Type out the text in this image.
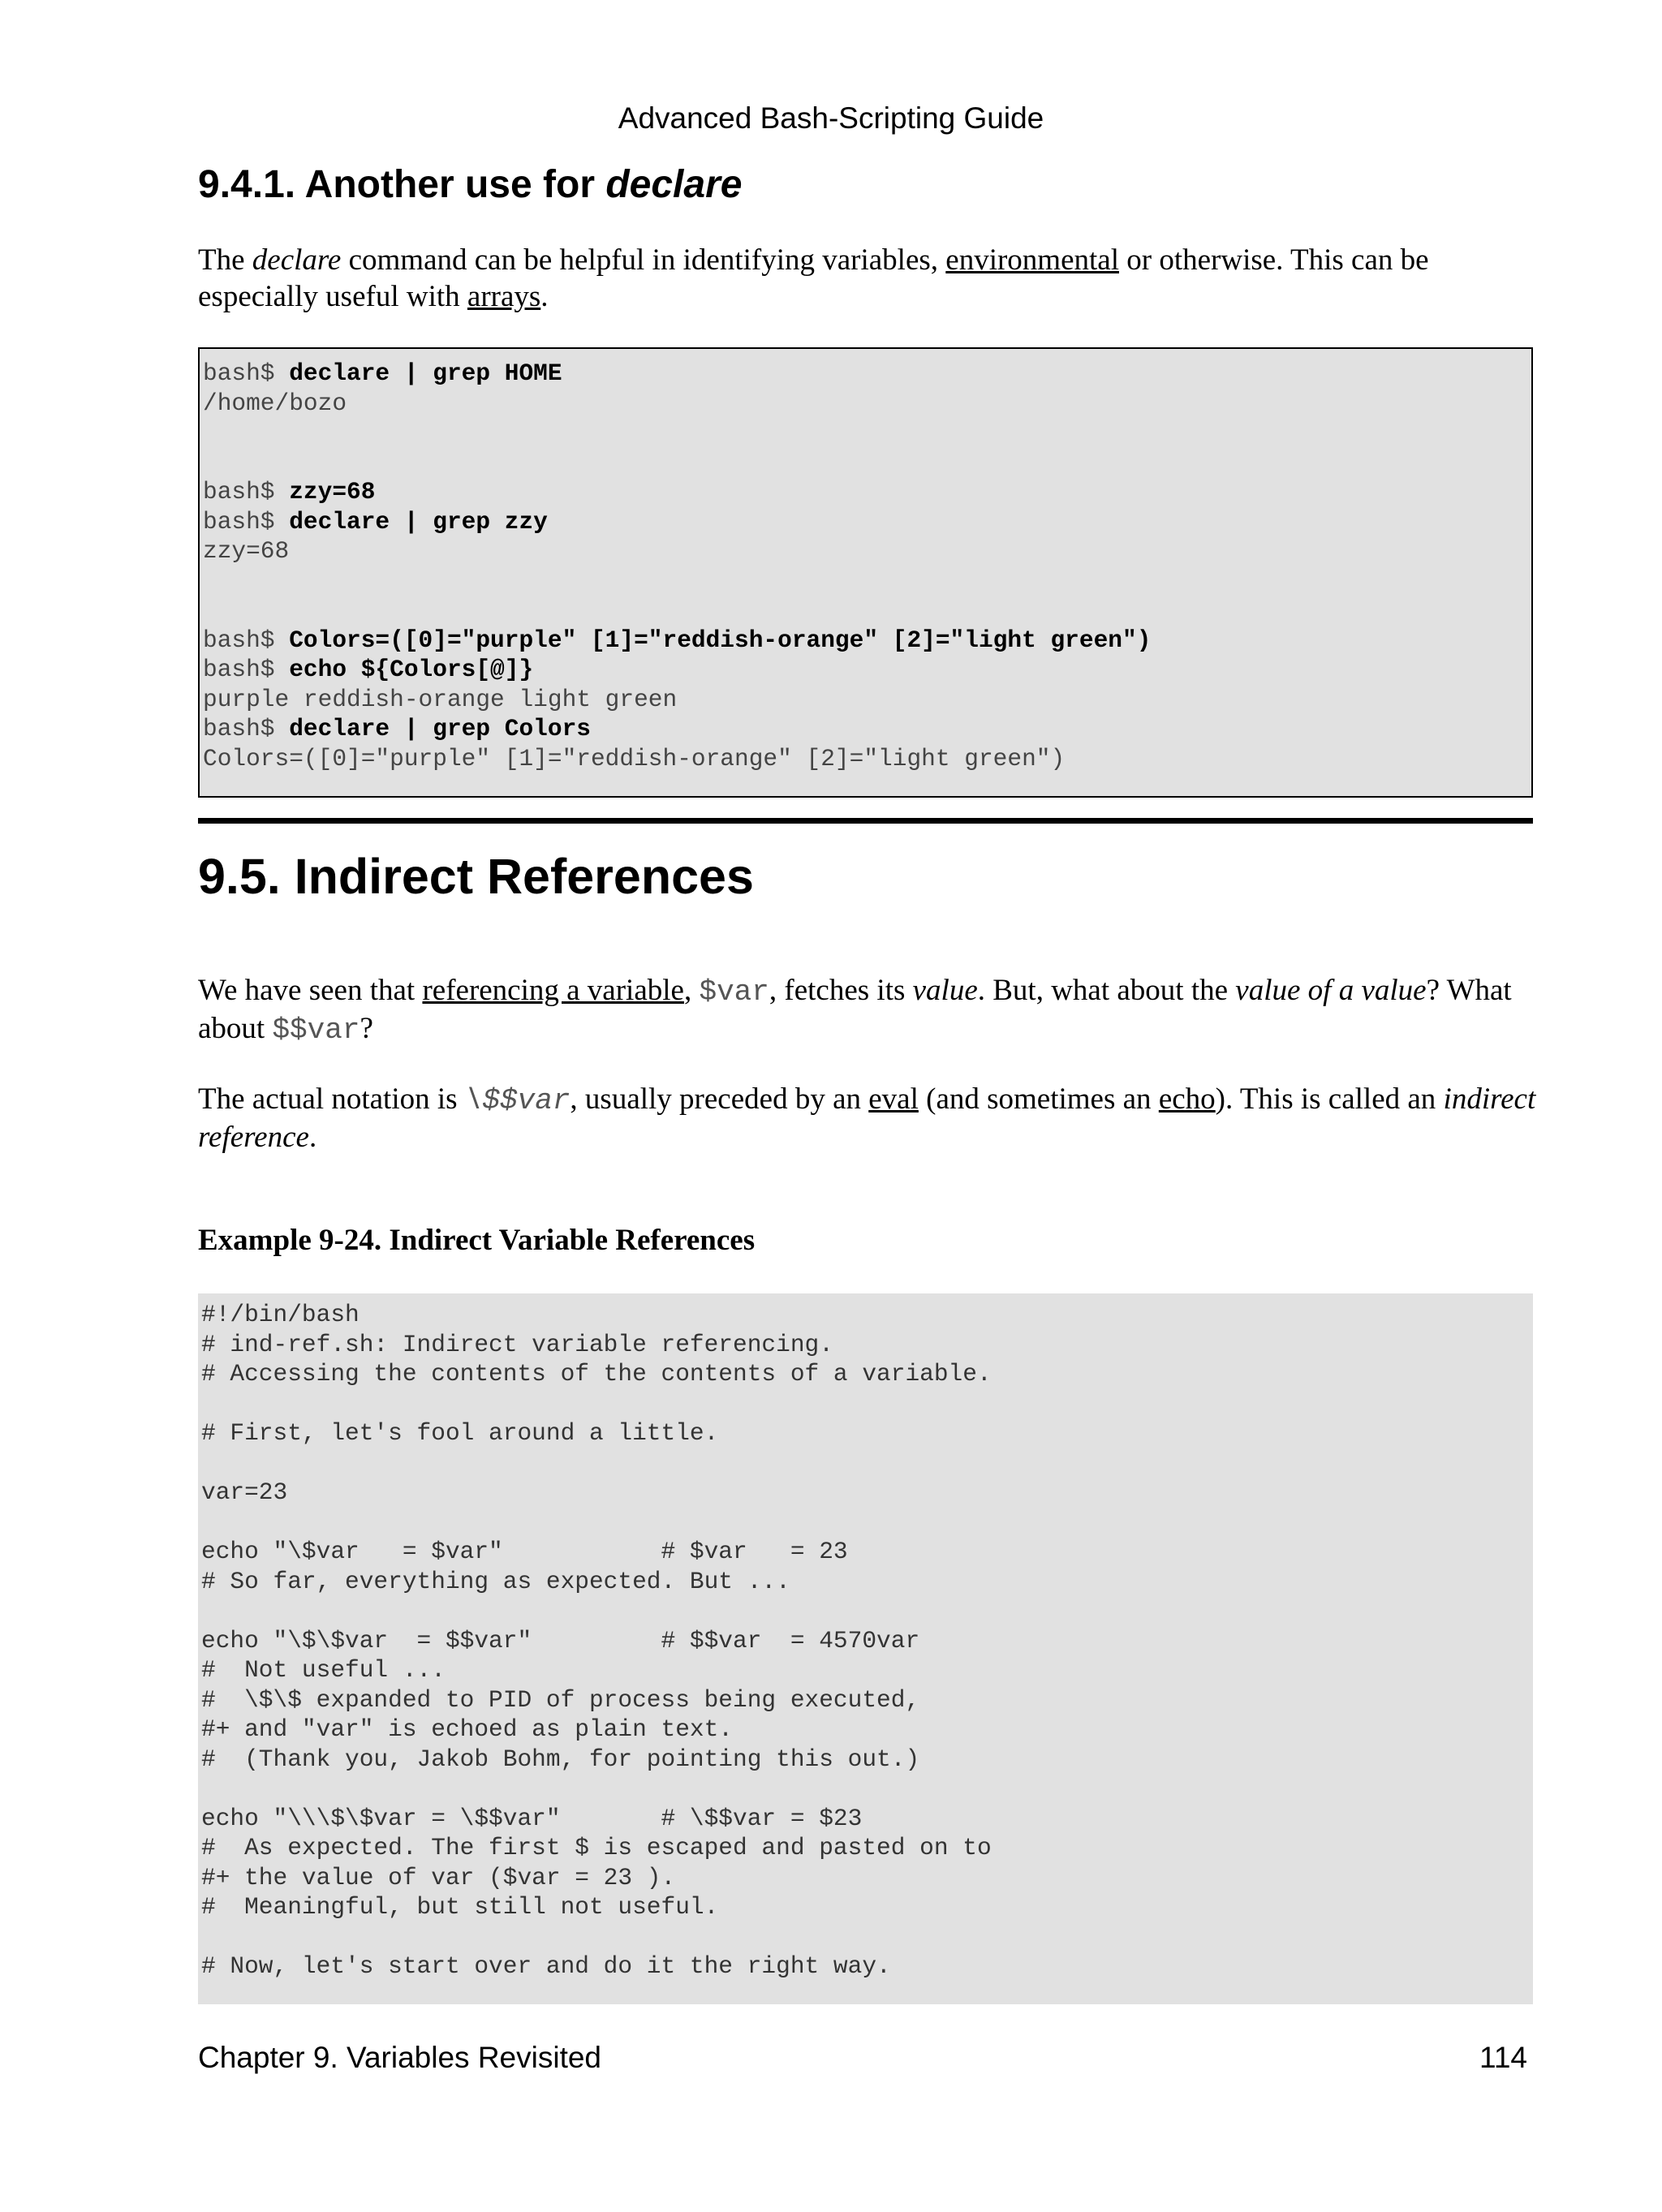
Advanced Bash-Scripting Guide
9.4.1. Another use for declare

The declare command can be helpful in identifying variables, environmental or otherwise. This can be especially useful with arrays.

bash$ declare | grep HOME
/home/bozo
bash$ zzy=68
bash$ declare | grep zzy
zzy=68
bash$ Colors=([0]="purple" [1]="reddish-orange" [2]="light green")
bash$ echo ${Colors[@]}
purple reddish-orange light green
bash$ declare | grep Colors
Colors=([0]="purple" [1]="reddish-orange" [2]="light green")
9.5. Indirect References

We have seen that referencing a variable, $var, fetches its value. But, what about the value of a value? What about $$var?

The actual notation is \$$var, usually preceded by an eval (and sometimes an echo). This is called an indirect reference.

Example 9-24. Indirect Variable References
#!/bin/bash
# ind-ref.sh: Indirect variable referencing.
# Accessing the contents of the contents of a variable.
# First, let's fool around a little.
var=23
echo "\$var   = $var"           # $var   = 23
# So far, everything as expected. But ...
echo "\$\$var  = $$var"         # $$var  = 4570var
#  Not useful ...
#  \$\$ expanded to PID of process being executed,
#+ and "var" is echoed as plain text.
#  (Thank you, Jakob Bohm, for pointing this out.)
echo "\\\$\$var = \$$var"       # \$$var = $23
#  As expected. The first $ is escaped and pasted on to
#+ the value of var ($var = 23 ).
#  Meaningful, but still not useful.
# Now, let's start over and do it the right way.
Chapter 9. Variables Revisited	114
